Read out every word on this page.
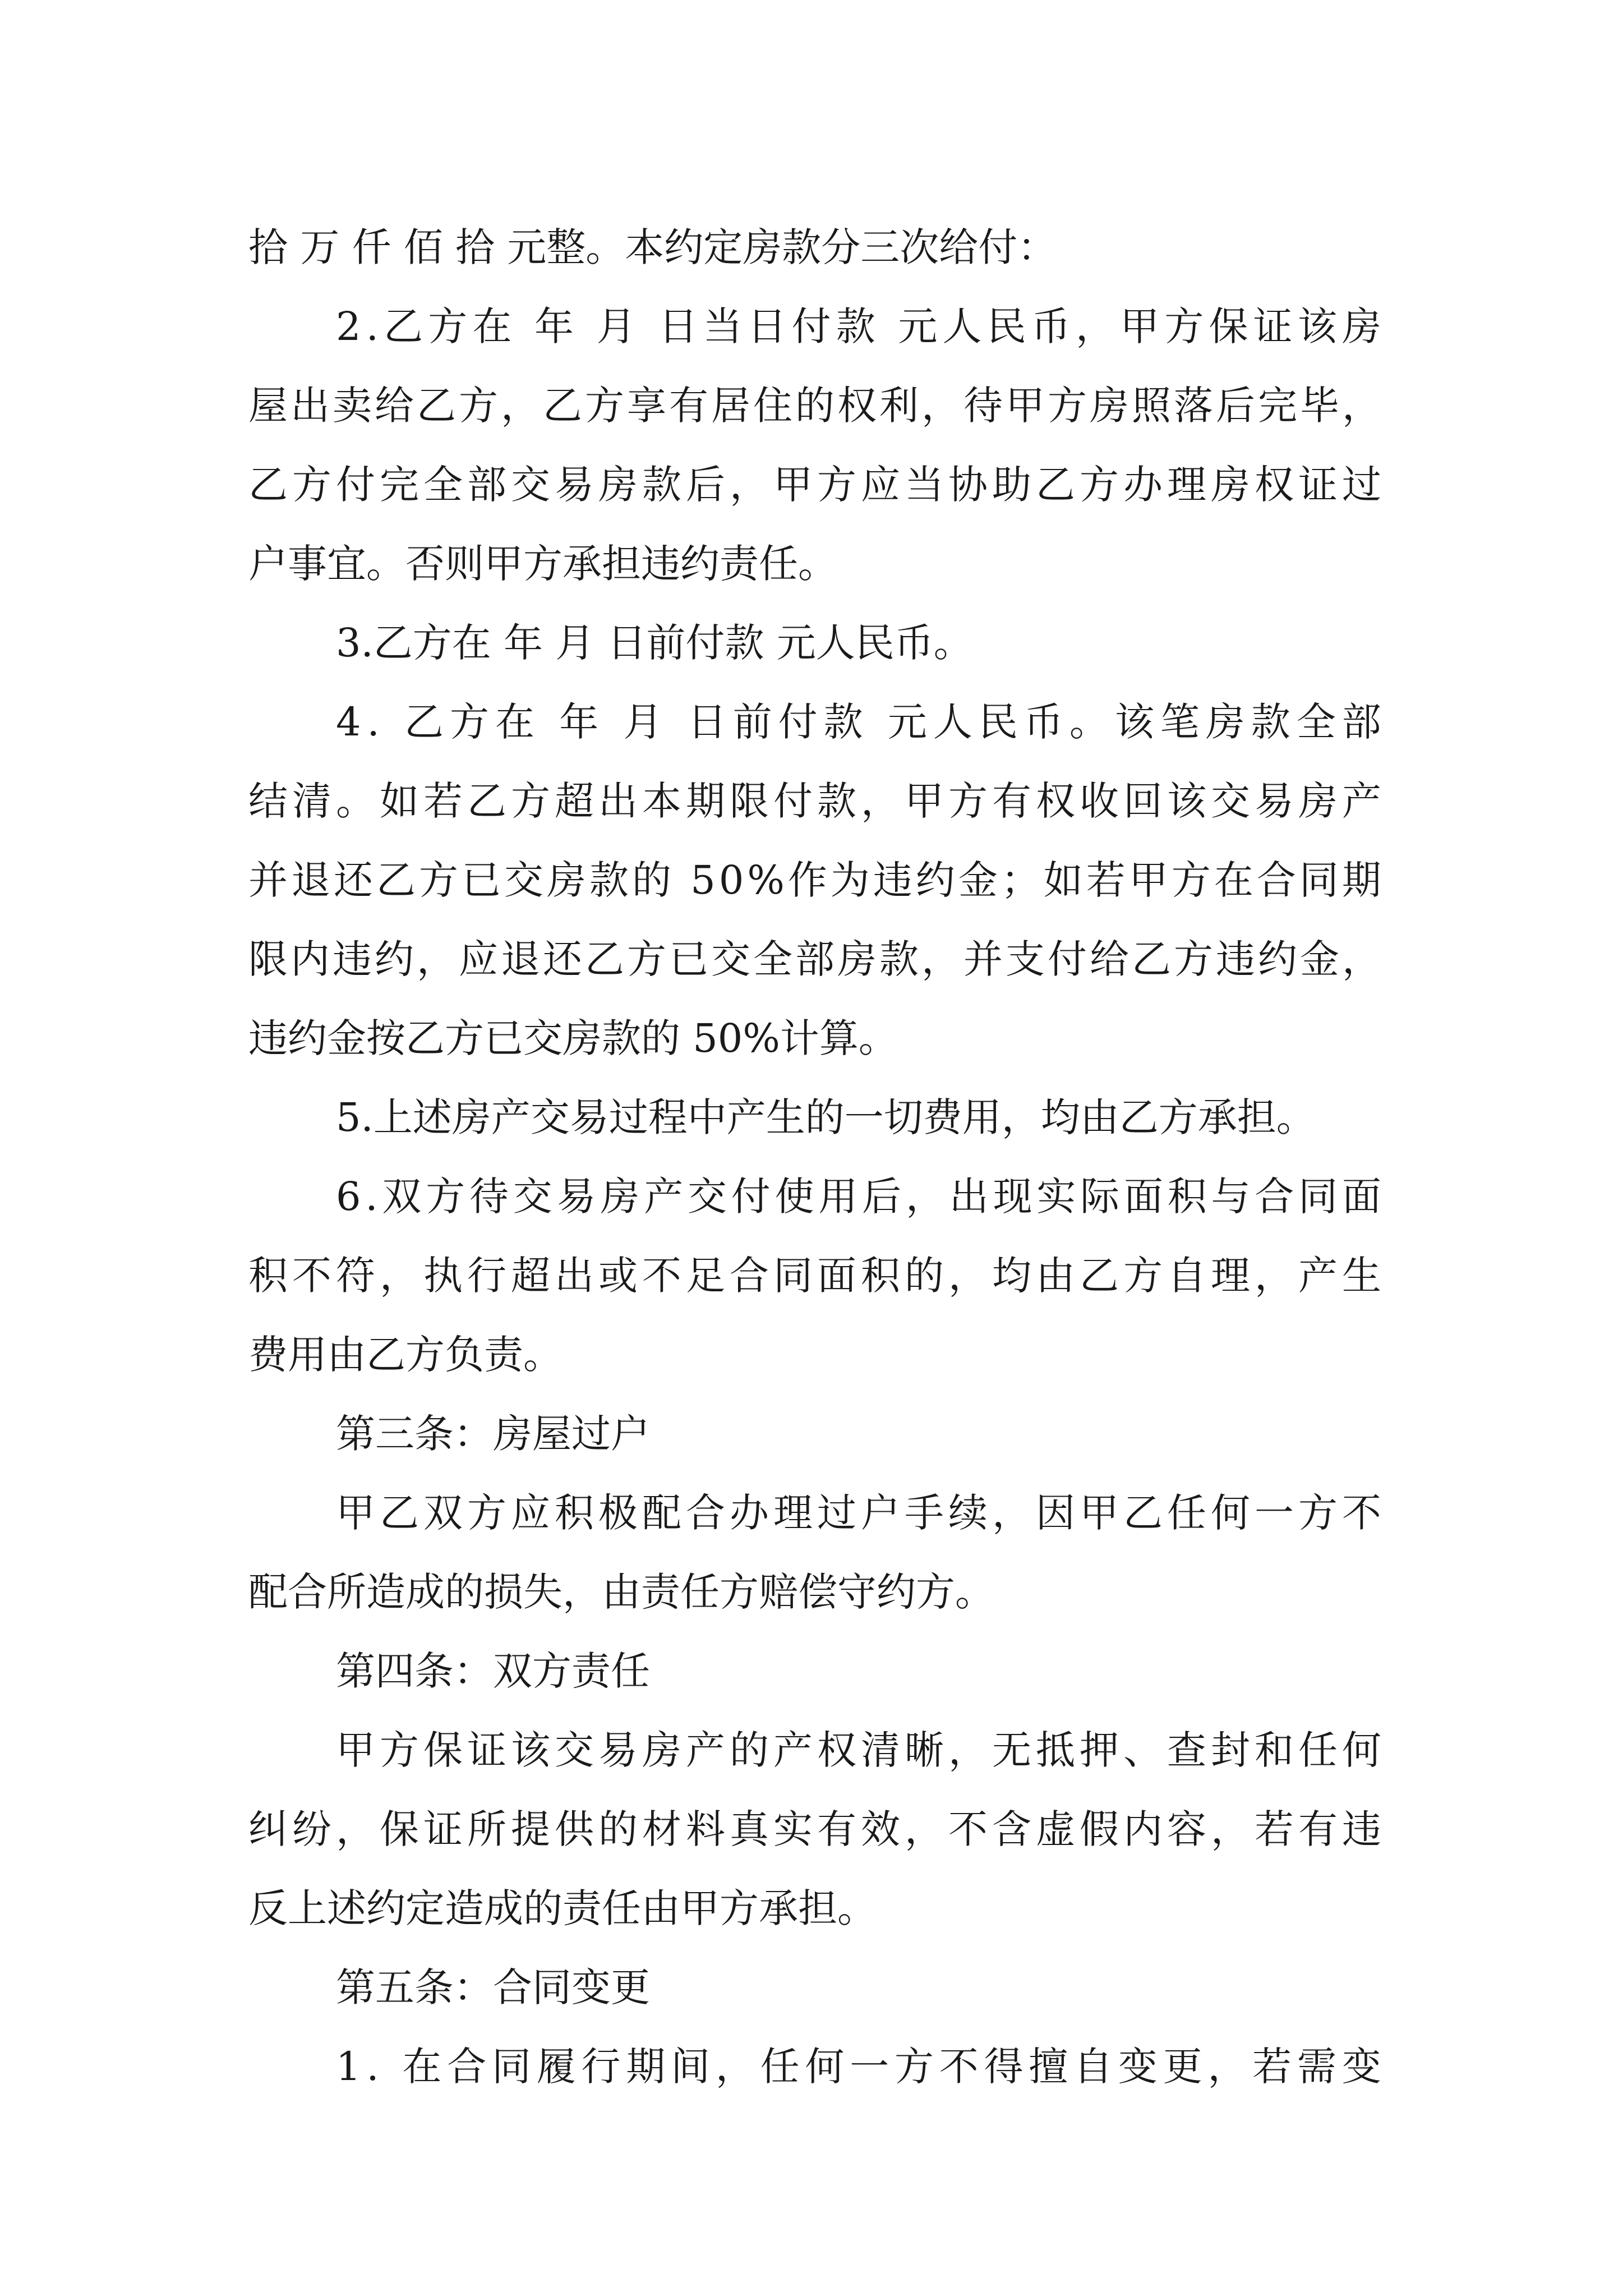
拾 万 仟 佰 拾 元整。本约定房款分三次给付：
2 . 乙 方 在
年
月
日 当 日 付 款
元 人 民 币 ， 甲 方 保 证 该 房
屋 出 卖 给 乙 方 ， 乙 方 享 有 居 住 的 权 利 ， 待 甲 方 房 照 落 后 完 毕 ，
乙 方 付 完 全 部 交 易 房 款 后 ， 甲 方 应 当 协 助 乙 方 办 理 房 权 证 过
户事宜。否则甲方承担违约责任。
3.乙方在 年 月 日前付款 元人民币。
4 .
乙 方 在
年
月
日 前 付 款
元 人 民 币 。 该 笔 房 款 全 部
结 清 。 如 若 乙 方 超 出 本 期 限 付 款 ， 甲 方 有 权 收 回 该 交 易 房 产
并 退 还 乙 方 已 交 房 款 的
5 0 % 作 为 违 约 金 ； 如 若 甲 方 在 合 同 期
限 内 违 约 ， 应 退 还 乙 方 已 交 全 部 房 款 ， 并 支 付 给 乙 方 违 约 金 ，
违约金按乙方已交房款的 50%计算。
5.上述房产交易过程中产生的一切费用，均由乙方承担。
6 . 双 方 待 交 易 房 产 交 付 使 用 后 ， 出 现 实 际 面 积 与 合 同 面
积 不 符 ， 执 行 超 出 或 不 足 合 同 面 积 的 ， 均 由 乙 方 自 理 ， 产 生
费用由乙方负责。
第三条：房屋过户
甲 乙 双 方 应 积 极 配 合 办 理 过 户 手 续 ， 因 甲 乙 任 何 一 方 不
配合所造成的损失，由责任方赔偿守约方。
第四条：双方责任
甲 方 保 证 该 交 易 房 产 的 产 权 清 晰 ， 无 抵 押 、 查 封 和 任 何
纠 纷 ， 保 证 所 提 供 的 材 料 真 实 有 效 ， 不 含 虚 假 内 容 ， 若 有 违
反上述约定造成的责任由甲方承担。
第五条：合同变更
1 .
在 合 同 履 行 期 间 ， 任 何 一 方 不 得 擅 自 变 更 ， 若 需 变
